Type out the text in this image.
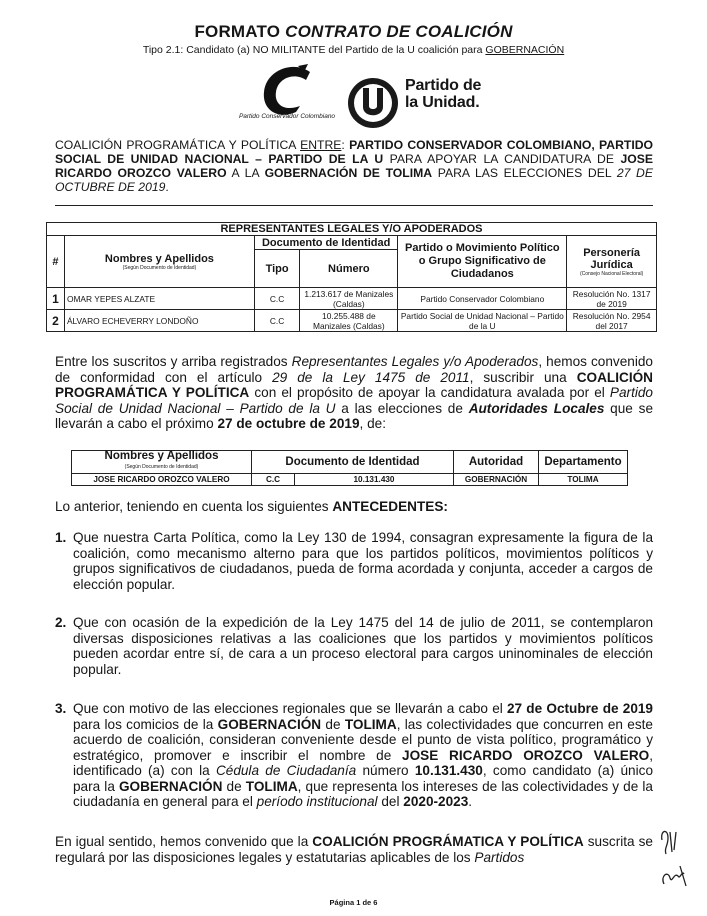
FORMATO CONTRATO DE COALICIÓN
Tipo 2.1: Candidato (a) NO MILITANTE del Partido de la U coalición para GOBERNACIÓN
Partido Conservador Colombiano
Partido de
la Unidad.
COALICIÓN PROGRAMÁTICA Y POLÍTICA ENTRE: PARTIDO CONSERVADOR COLOMBIANO, PARTIDO SOCIAL DE UNIDAD NACIONAL – PARTIDO DE LA U PARA APOYAR LA CANDIDATURA DE JOSE RICARDO OROZCO VALERO A LA GOBERNACIÓN DE TOLIMA PARA LAS ELECCIONES DEL 27 DE OCTUBRE DE 2019.
REPRESENTANTES LEGALES Y/O APODERADOS					
#	Nombres y Apellidos
(Según Documento de Identidad)	Documento de Identidad		Partido o Movimiento Político o Grupo Significativo de Ciudadanos	Personería Jurídica
(Consejo Nacional Electoral)

		Tipo	Número		
1	OMAR YEPES ALZATE	C.C	1.213.617 de Manizales (Caldas)	Partido Conservador Colombiano	Resolución No. 1317 de 2019
2	ÁLVARO ECHEVERRY LONDOÑO	C.C	10.255.488 de Manizales (Caldas)	Partido Social de Unidad Nacional – Partido de la U	Resolución No. 2954 del 2017
Entre los suscritos y arriba registrados Representantes Legales y/o Apoderados, hemos convenido de conformidad con el artículo 29 de la Ley 1475 de 2011, suscribir una COALICIÓN PROGRAMÁTICA Y POLÍTICA con el propósito de apoyar la candidatura avalada por el Partido Social de Unidad Nacional – Partido de la U a las elecciones de Autoridades Locales que se llevarán a cabo el próximo 27 de octubre de 2019, de:
Nombres y Apellidos
(Según Documento de Identidad)	Documento de Identidad		Autoridad	Departamento
JOSE RICARDO OROZCO VALERO	C.C	10.131.430	GOBERNACIÓN	TOLIMA
Lo anterior, teniendo en cuenta los siguientes ANTECEDENTES:
1. Que nuestra Carta Política, como la Ley 130 de 1994, consagran expresamente la figura de la coalición, como mecanismo alterno para que los partidos políticos, movimientos políticos y grupos significativos de ciudadanos, pueda de forma acordada y conjunta, acceder a cargos de elección popular.
2. Que con ocasión de la expedición de la Ley 1475 del 14 de julio de 2011, se contemplaron diversas disposiciones relativas a las coaliciones que los partidos y movimientos políticos pueden acordar entre sí, de cara a un proceso electoral para cargos uninominales de elección popular.
3. Que con motivo de las elecciones regionales que se llevarán a cabo el 27 de Octubre de 2019 para los comicios de la GOBERNACIÓN de TOLIMA, las colectividades que concurren en este acuerdo de coalición, consideran conveniente desde el punto de vista político, programático y estratégico, promover e inscribir el nombre de JOSE RICARDO OROZCO VALERO, identificado (a) con la Cédula de Ciudadanía número 10.131.430, como candidato (a) único para la GOBERNACIÓN de TOLIMA, que representa los intereses de las colectividades y de la ciudadanía en general para el período institucional del 2020-2023.
En igual sentido, hemos convenido que la COALICIÓN PROGRÁMATICA Y POLÍTICA suscrita se regulará por las disposiciones legales y estatutarias aplicables de los Partidos
Página 1 de 6
